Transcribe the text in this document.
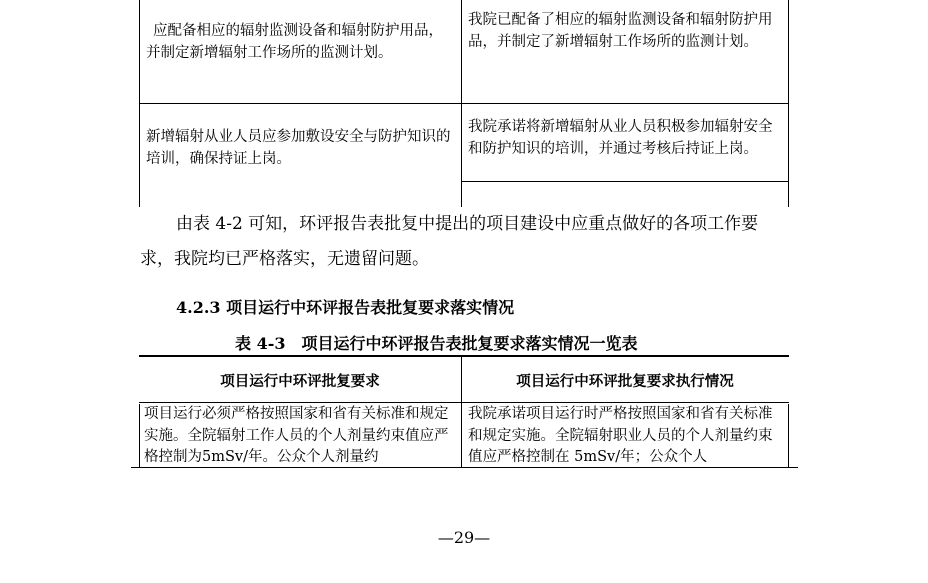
应配备相应的辐射监测设备和辐射防护用品，并制定新增辐射工作场所的监测计划。
我院已配备了相应的辐射监测设备和辐射防护用品，并制定了新增辐射工作场所的监测计划。
新增辐射从业人员应参加敷设安全与防护知识的培训，确保持证上岗。
我院承诺将新增辐射从业人员积极参加辐射安全和防护知识的培训，并通过考核后持证上岗。
由表 4-2 可知，环评报告表批复中提出的项目建设中应重点做好的各项工作要求，我院均已严格落实，无遗留问题。
4.2.3 项目运行中环评报告表批复要求落实情况
表 4-3　项目运行中环评报告表批复要求落实情况一览表
项目运行中环评批复要求	项目运行中环评批复要求执行情况
项目运行必须严格按照国家和省有关标准和规定实施。全院辐射工作人员的个人剂量约束值应严格控制为5mSv/年。公众个人剂量约
我院承诺项目运行时严格按照国家和省有关标准和规定实施。全院辐射职业人员的个人剂量约束值应严格控制在 5mSv/年；公众个人
—29—
